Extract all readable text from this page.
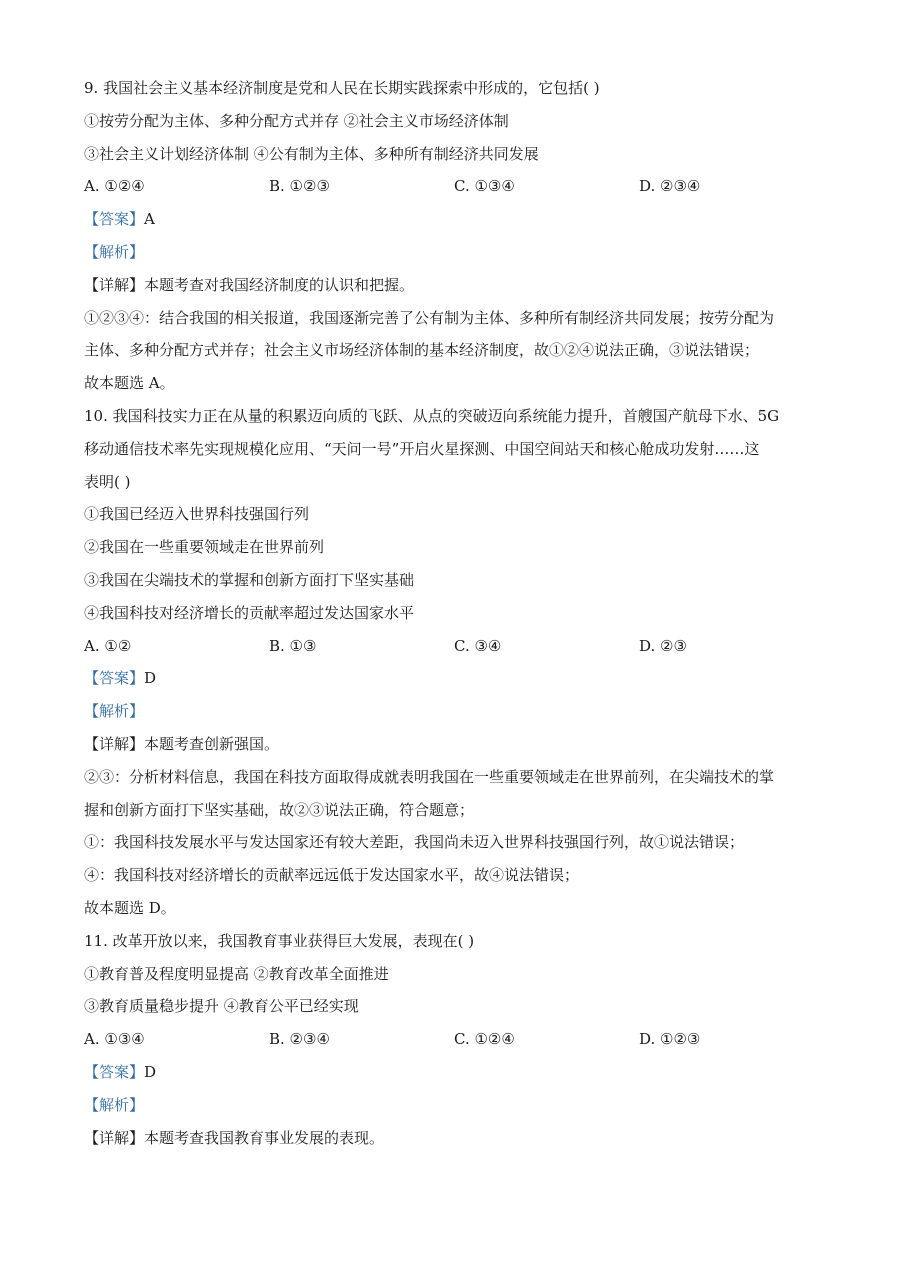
9. 我国社会主义基本经济制度是党和人民在长期实践探索中形成的，它包括( )
①按劳分配为主体、多种分配方式并存 ②社会主义市场经济体制
③社会主义计划经济体制 ④公有制为主体、多种所有制经济共同发展
A. ①②④	B. ①②③	C. ①③④	D. ②③④
【答案】A
【解析】
【详解】本题考查对我国经济制度的认识和把握。
①②③④：结合我国的相关报道，我国逐渐完善了公有制为主体、多种所有制经济共同发展；按劳分配为
主体、多种分配方式并存；社会主义市场经济体制的基本经济制度，故①②④说法正确，③说法错误；
故本题选 A。
10. 我国科技实力正在从量的积累迈向质的飞跃、从点的突破迈向系统能力提升，首艘国产航母下水、5G
移动通信技术率先实现规模化应用、“天问一号”开启火星探测、中国空间站天和核心舱成功发射……这
表明( )
①我国已经迈入世界科技强国行列
②我国在一些重要领域走在世界前列
③我国在尖端技术的掌握和创新方面打下坚实基础
④我国科技对经济增长的贡献率超过发达国家水平
A. ①②	B. ①③	C. ③④	D. ②③
【答案】D
【解析】
【详解】本题考查创新强国。
②③：分析材料信息，我国在科技方面取得成就表明我国在一些重要领域走在世界前列，在尖端技术的掌
握和创新方面打下坚实基础，故②③说法正确，符合题意；
①：我国科技发展水平与发达国家还有较大差距，我国尚未迈入世界科技强国行列，故①说法错误；
④：我国科技对经济增长的贡献率远远低于发达国家水平，故④说法错误；
故本题选 D。
11. 改革开放以来，我国教育事业获得巨大发展，表现在( )
①教育普及程度明显提高 ②教育改革全面推进
③教育质量稳步提升 ④教育公平已经实现
A. ①③④	B. ②③④	C. ①②④	D. ①②③
【答案】D
【解析】
【详解】本题考查我国教育事业发展的表现。
